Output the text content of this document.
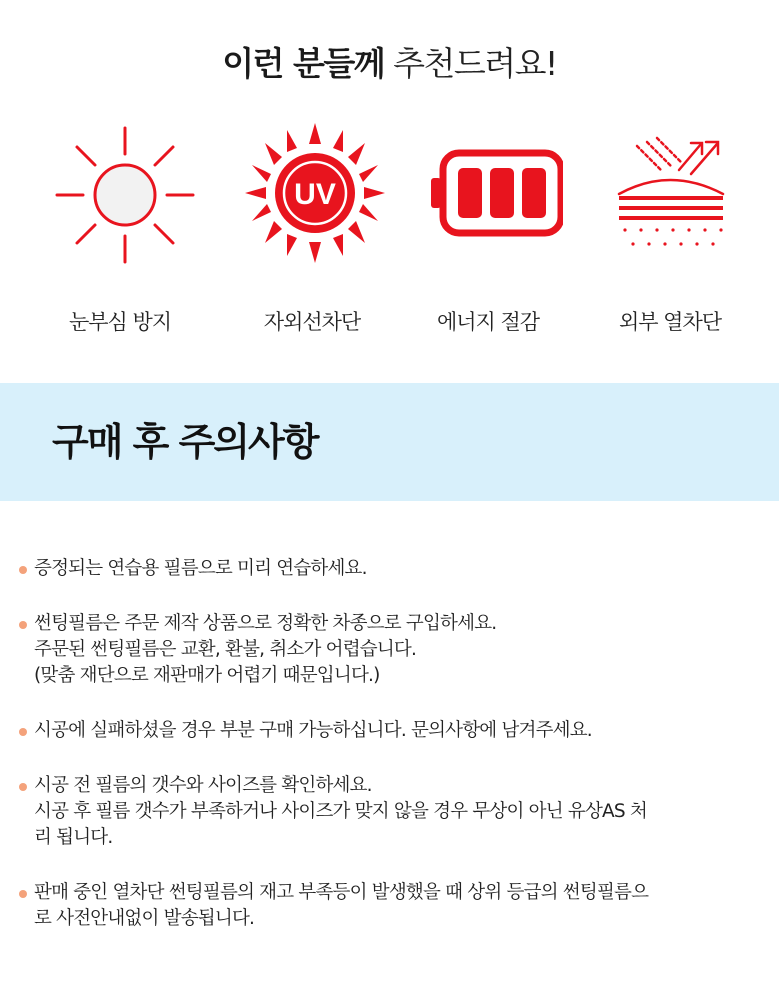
이런 분들께 추천드려요!
눈부심 방지
UV
자외선차단	에너지 절감	외부 열차단
구매 후 주의사항
증정되는 연습용 필름으로 미리 연습하세요.
썬팅필름은 주문 제작 상품으로 정확한 차종으로 구입하세요.
주문된 썬팅필름은 교환, 환불, 취소가 어렵습니다.
(맞춤 재단으로 재판매가 어렵기 때문입니다.)
시공에 실패하셨을 경우 부분 구매 가능하십니다. 문의사항에 남겨주세요.
시공 전 필름의 갯수와 사이즈를 확인하세요.
시공 후 필름 갯수가 부족하거나 사이즈가 맞지 않을 경우 무상이 아닌 유상AS 처
리 됩니다.
판매 중인 열차단 썬팅필름의 재고 부족등이 발생했을 때 상위 등급의 썬팅필름으
로 사전안내없이 발송됩니다.
